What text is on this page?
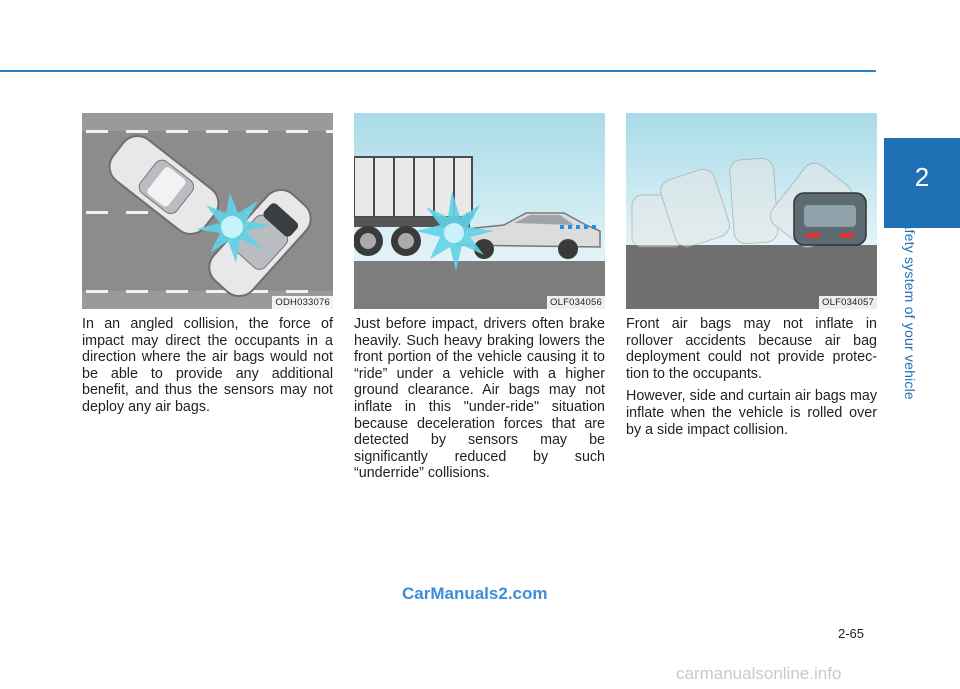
2
Safety system of your vehicle
ODH033076

In an angled collision, the force of impact may direct the occupants in a direction where the air bags would not be able to provide any additional benefit, and thus the sensors may not deploy any air bags.

OLF034056

Just before impact, drivers often brake heavily. Such heavy braking lowers the front portion of the vehicle causing it to “ride” under a vehicle with a higher ground clearance. Air bags may not inflate in this "under-ride" situation because deceleration forces that are detected by sensors may be significantly reduced by such “underride” collisions.

OLF034057

Front air bags may not inflate in rollover accidents because air bag deployment could not provide protec-tion to the occupants.

However, side and curtain air bags may inflate when the vehicle is rolled over by a side impact collision.

CarManuals2.com
2-65
carmanualsonline.info
